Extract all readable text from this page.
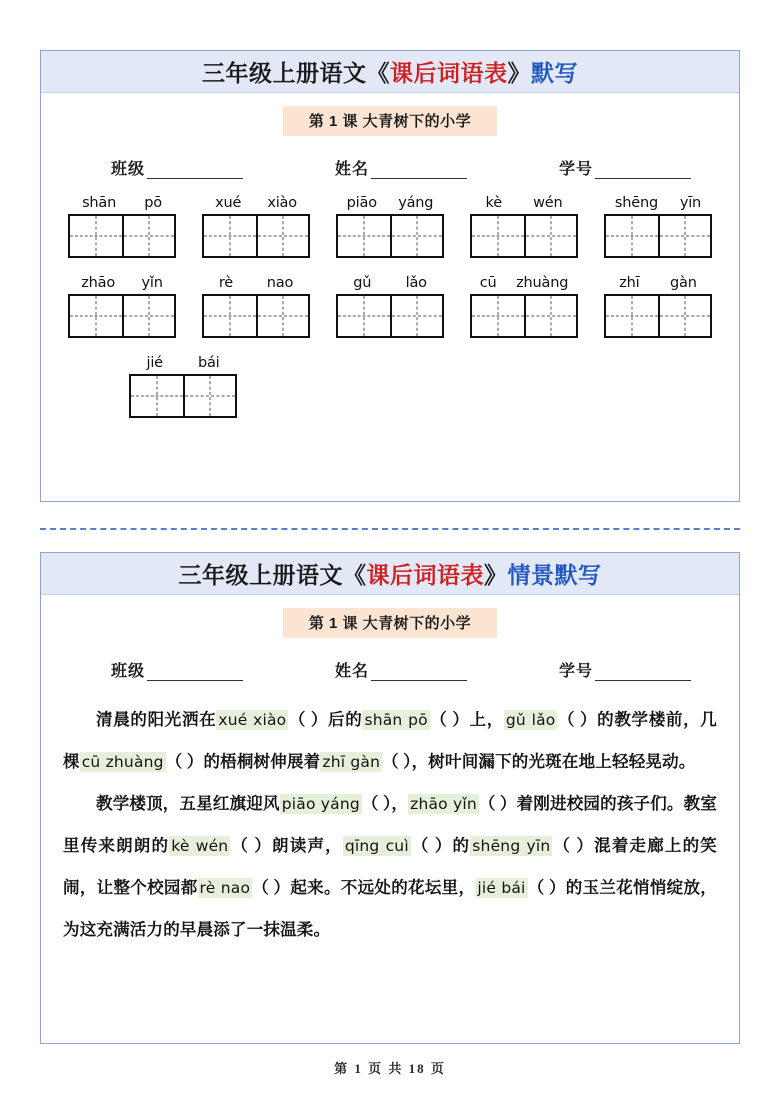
三年级上册语文《课后词语表》默写
第 1 课 大青树下的小学
班级	姓名	学号
shān pō	xué xiào	piāo yáng	kè wén	shēng yīn
zhāo yǐn	rè nao	gǔ lǎo	cū zhuàng	zhī gàn
jié bái
三年级上册语文《课后词语表》情景默写
第 1 课 大青树下的小学
班级	姓名	学号

清晨的阳光洒在 xué xiào （ ）后的 shān pō （ ）上， gǔ lǎo （ ）的教学楼前，几棵 cū zhuàng （ ）的梧桐树伸展着 zhī gàn （ ），树叶间漏下的光斑在地上轻轻晃动。

教学楼顶，五星红旗迎风 piāo yáng （ ）， zhāo yǐn （ ）着刚进校园的孩子们。教室里传来朗朗的 kè wén （ ）朗读声， qīng cuì （ ）的 shēng yīn （ ）混着走廊上的笑闹，让整个校园都 rè nao （ ）起来。不远处的花坛里， jié bái （ ）的玉兰花悄悄绽放，为这充满活力的早晨添了一抹温柔。

第 1 页 共 18 页
